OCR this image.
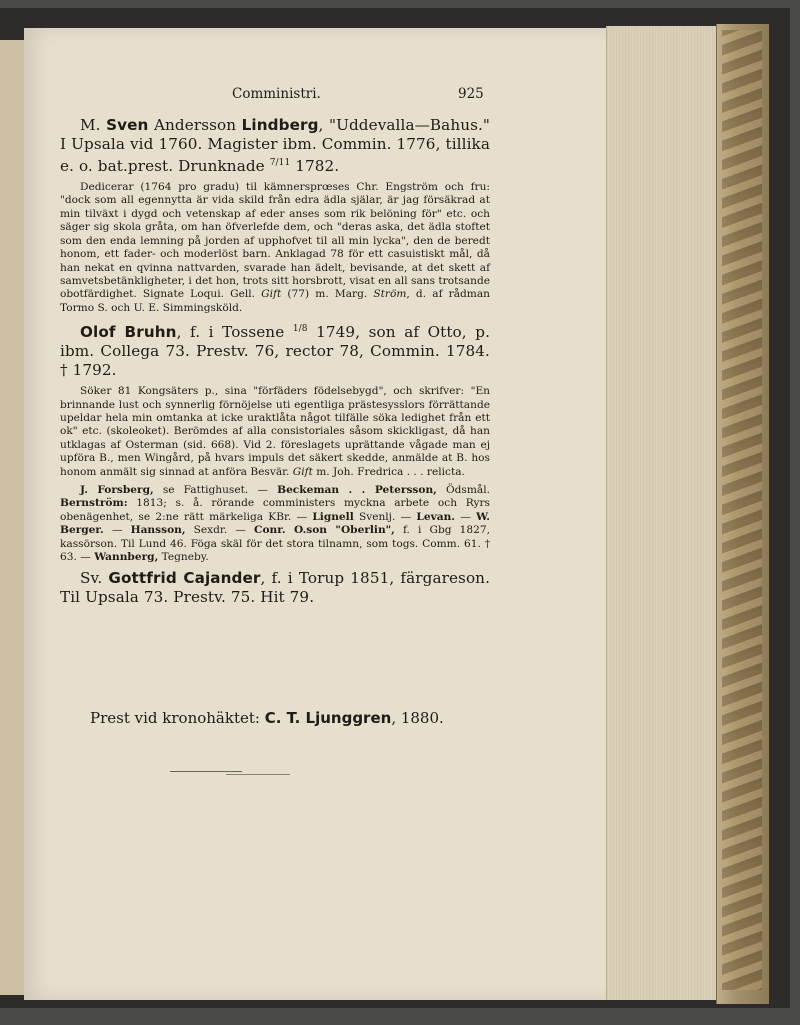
Comministri.	925

M. Sven Andersson Lindberg, "Uddevalla—Bahus." I Upsala vid 1760. Magister ibm. Commin. 1776, tillika e. o. bat.prest. Drunknade $^{7/11}$ 1782.

Dedicerar (1764 pro gradu) til kämnersprœses Chr. Engström och fru: "dock som all egennytta är vida skild från edra ädla själar, är jag försäkrad at min tilväxt i dygd och vetenskap af eder anses som rik belöning för" etc. och säger sig skola gråta, om han öfverlefde dem, och "deras aska, det ädla stoftet som den enda lemning på jorden af upphofvet til all min lycka", den de beredt honom, ett fader- och moderlöst barn. Anklagad 78 för ett casuistiskt mål, då han nekat en qvinna nattvarden, svarade han ädelt, bevisande, at det skett af samvetsbetänkligheter, i det hon, trots sitt horsbrott, visat en all sans trotsande obotfärdighet. Signate Loqui. Gell. Gift (77) m. Marg. Ström, d. af rådman Tormo S. och U. E. Simmingsköld.

Olof Bruhn, f. i Tossene $^{1/8}$ 1749, son af Otto, p. ibm. Collega 73. Prestv. 76, rector 78, Commin. 1784. † 1792.

Söker 81 Kongsäters p., sina "förfäders födelsebygd", och skrifver: "En brinnande lust och synnerlig förnöjelse uti egentliga prästesysslors förrättande upeldar hela min omtanka at icke uraktlåta något tilfälle söka ledighet från ett ok" etc. (skoleoket). Berömdes af alla consistoriales såsom skickligast, då han utklagas af Osterman (sid. 668). Vid 2. föreslagets uprättande vågade man ej upföra B., men Wingård, på hvars impuls det säkert skedde, anmälde at B. hos honom anmält sig sinnad at anföra Besvär. Gift m. Joh. Fredrica . . . relicta.

J. Forsberg, se Fattighuset. — Beckeman . . Petersson, Ödsmål. Bernström: 1813; s. å. rörande comministers myckna arbete och Ryrs obenägenhet, se 2:ne rätt märkeliga KBr. — Lignell Svenlj. — Levan. — W. Berger. — Hansson, Sexdr. — Conr. O.son "Oberlin", f. i Gbg 1827, kassörson. Til Lund 46. Föga skäl för det stora tilnamn, som togs. Comm. 61. † 63. — Wannberg, Tegneby.

Sv. Gottfrid Cajander, f. i Torup 1851, färgareson. Til Upsala 73. Prestv. 75. Hit 79.

Prest vid kronohäktet: C. T. Ljunggren, 1880.
